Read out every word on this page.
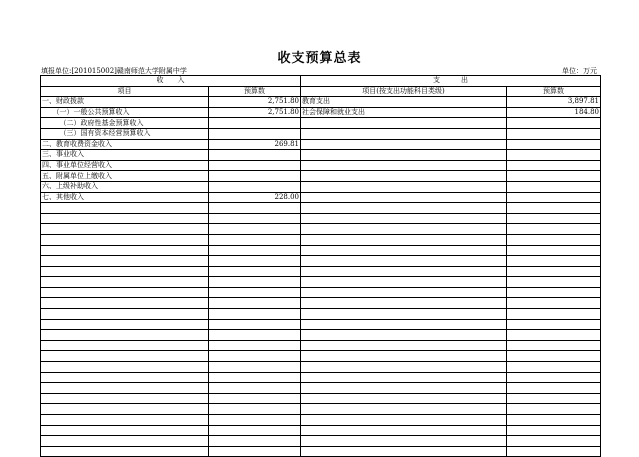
收支预算总表
填报单位:[201015002]赣南师范大学附属中学	单位：万元
收　　入		支　　　出	
项目	预算数	项目(按支出功能科目类级)	预算数
一、财政拨款	2,751.80	教育支出	3,897.81
　　（一）一般公共预算收入	2,751.80	社会保障和就业支出	184.80
　　　（二）政府性基金预算收入			
　　　（三）国有资本经营预算收入			
二、教育收费资金收入	269.81		
三、事业收入			
四、事业单位经营收入			
五、附属单位上缴收入			
六、上级补助收入			
七、其他收入	228.00		
